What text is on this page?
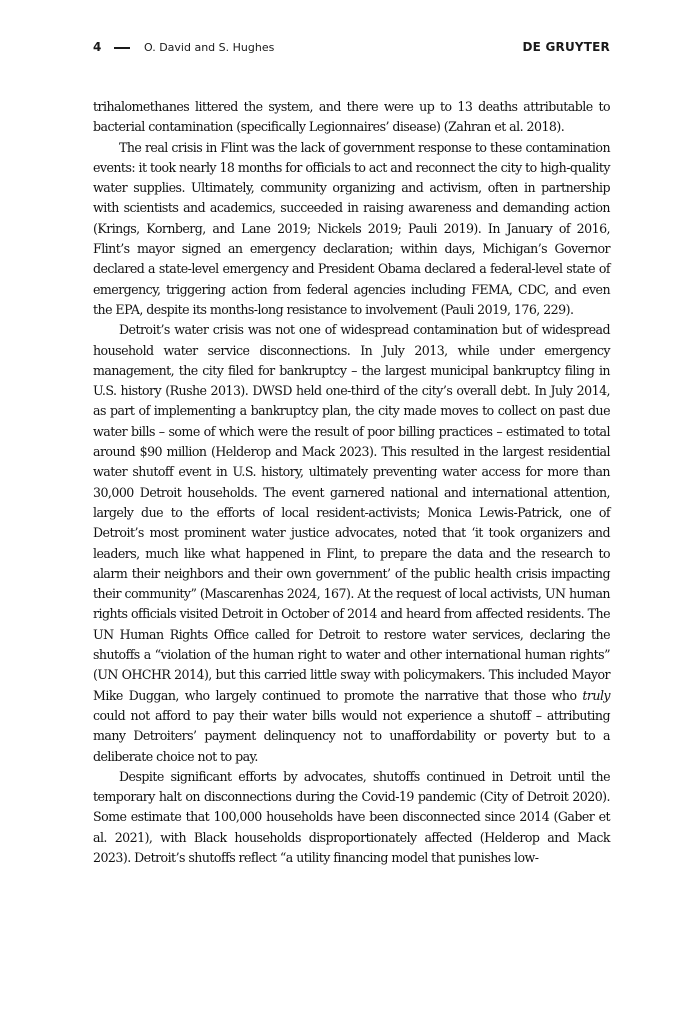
4	O. David and S. Hughes	DE GRUYTER

trihalomethanes littered the system, and there were up to 13 deaths attributable to bacterial contamination (specifically Legionnaires’ disease) (Zahran et al. 2018).

The real crisis in Flint was the lack of government response to these contamination events: it took nearly 18 months for officials to act and reconnect the city to high-quality water supplies. Ultimately, community organizing and activism, often in partnership with scientists and academics, succeeded in raising awareness and demanding action (Krings, Kornberg, and Lane 2019; Nickels 2019; Pauli 2019). In January of 2016, Flint’s mayor signed an emergency declaration; within days, Michigan’s Governor declared a state-level emergency and President Obama declared a federal-level state of emergency, triggering action from federal agencies including FEMA, CDC, and even the EPA, despite its months-long resistance to involvement (Pauli 2019, 176, 229).

Detroit’s water crisis was not one of widespread contamination but of widespread household water service disconnections. In July 2013, while under emergency management, the city filed for bankruptcy – the largest municipal bankruptcy filing in U.S. history (Rushe 2013). DWSD held one-third of the city’s overall debt. In July 2014, as part of implementing a bankruptcy plan, the city made moves to collect on past due water bills – some of which were the result of poor billing practices – estimated to total around $90 million (Helderop and Mack 2023). This resulted in the largest residential water shutoff event in U.S. history, ultimately preventing water access for more than 30,000 Detroit households. The event garnered national and international attention, largely due to the efforts of local resident-activists; Monica Lewis-Patrick, one of Detroit’s most prominent water justice advocates, noted that ‘it took organizers and leaders, much like what happened in Flint, to prepare the data and the research to alarm their neighbors and their own government’ of the public health crisis impacting their community” (Mascarenhas 2024, 167). At the request of local activists, UN human rights officials visited Detroit in October of 2014 and heard from affected residents. The UN Human Rights Office called for Detroit to restore water services, declaring the shutoffs a “violation of the human right to water and other international human rights” (UN OHCHR 2014), but this carried little sway with policymakers. This included Mayor Mike Duggan, who largely continued to promote the narrative that those who truly could not afford to pay their water bills would not experience a shutoff – attributing many Detroiters’ payment delinquency not to unaffordability or poverty but to a deliberate choice not to pay.

Despite significant efforts by advocates, shutoffs continued in Detroit until the temporary halt on disconnections during the Covid-19 pandemic (City of Detroit 2020). Some estimate that 100,000 households have been disconnected since 2014 (Gaber et al. 2021), with Black households disproportionately affected (Helderop and Mack 2023). Detroit’s shutoffs reflect “a utility financing model that punishes low-
